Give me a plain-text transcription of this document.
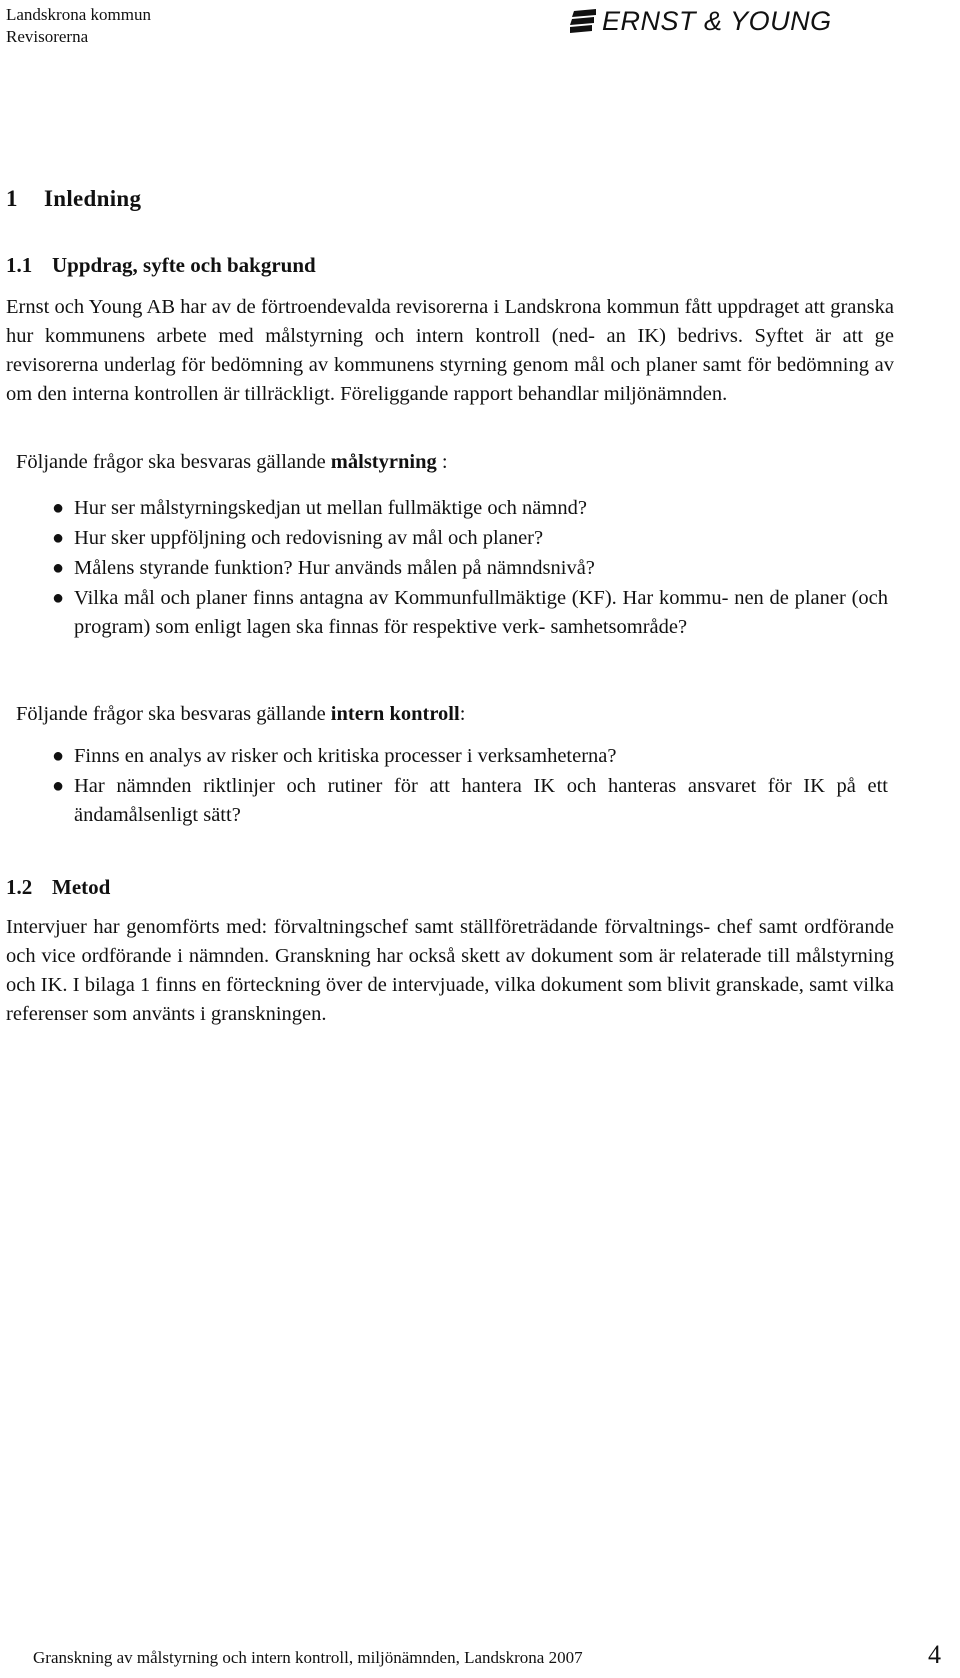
Landskrona kommun
Revisorerna
ERNST & YOUNG
1 Inledning
1.1 Uppdrag, syfte och bakgrund
Ernst och Young AB har av de förtroendevalda revisorerna i Landskrona kommun fått uppdraget att granska hur kommunens arbete med målstyrning och intern kontroll (ned- an IK) bedrivs. Syftet är att ge revisorerna underlag för bedömning av kommunens styrning genom mål och planer samt för bedömning av om den interna kontrollen är tillräckligt. Föreliggande rapport behandlar miljönämnden.
Följande frågor ska besvaras gällande målstyrning :
● Hur ser målstyrningskedjan ut mellan fullmäktige och nämnd?
● Hur sker uppföljning och redovisning av mål och planer?
● Målens styrande funktion? Hur används målen på nämndsnivå?
● Vilka mål och planer finns antagna av Kommunfullmäktige (KF). Har kommu- nen de planer (och program) som enligt lagen ska finnas för respektive verk- samhetsområde?
Följande frågor ska besvaras gällande intern kontroll:
● Finns en analys av risker och kritiska processer i verksamheterna?
● Har nämnden riktlinjer och rutiner för att hantera IK och hanteras ansvaret för IK på ett ändamålsenligt sätt?
1.2 Metod
Intervjuer har genomförts med: förvaltningschef samt ställföreträdande förvaltnings- chef samt ordförande och vice ordförande i nämnden. Granskning har också skett av dokument som är relaterade till målstyrning och IK. I bilaga 1 finns en förteckning över de intervjuade, vilka dokument som blivit granskade, samt vilka referenser som använts i granskningen.
Granskning av målstyrning och intern kontroll, miljönämnden, Landskrona 2007	4
